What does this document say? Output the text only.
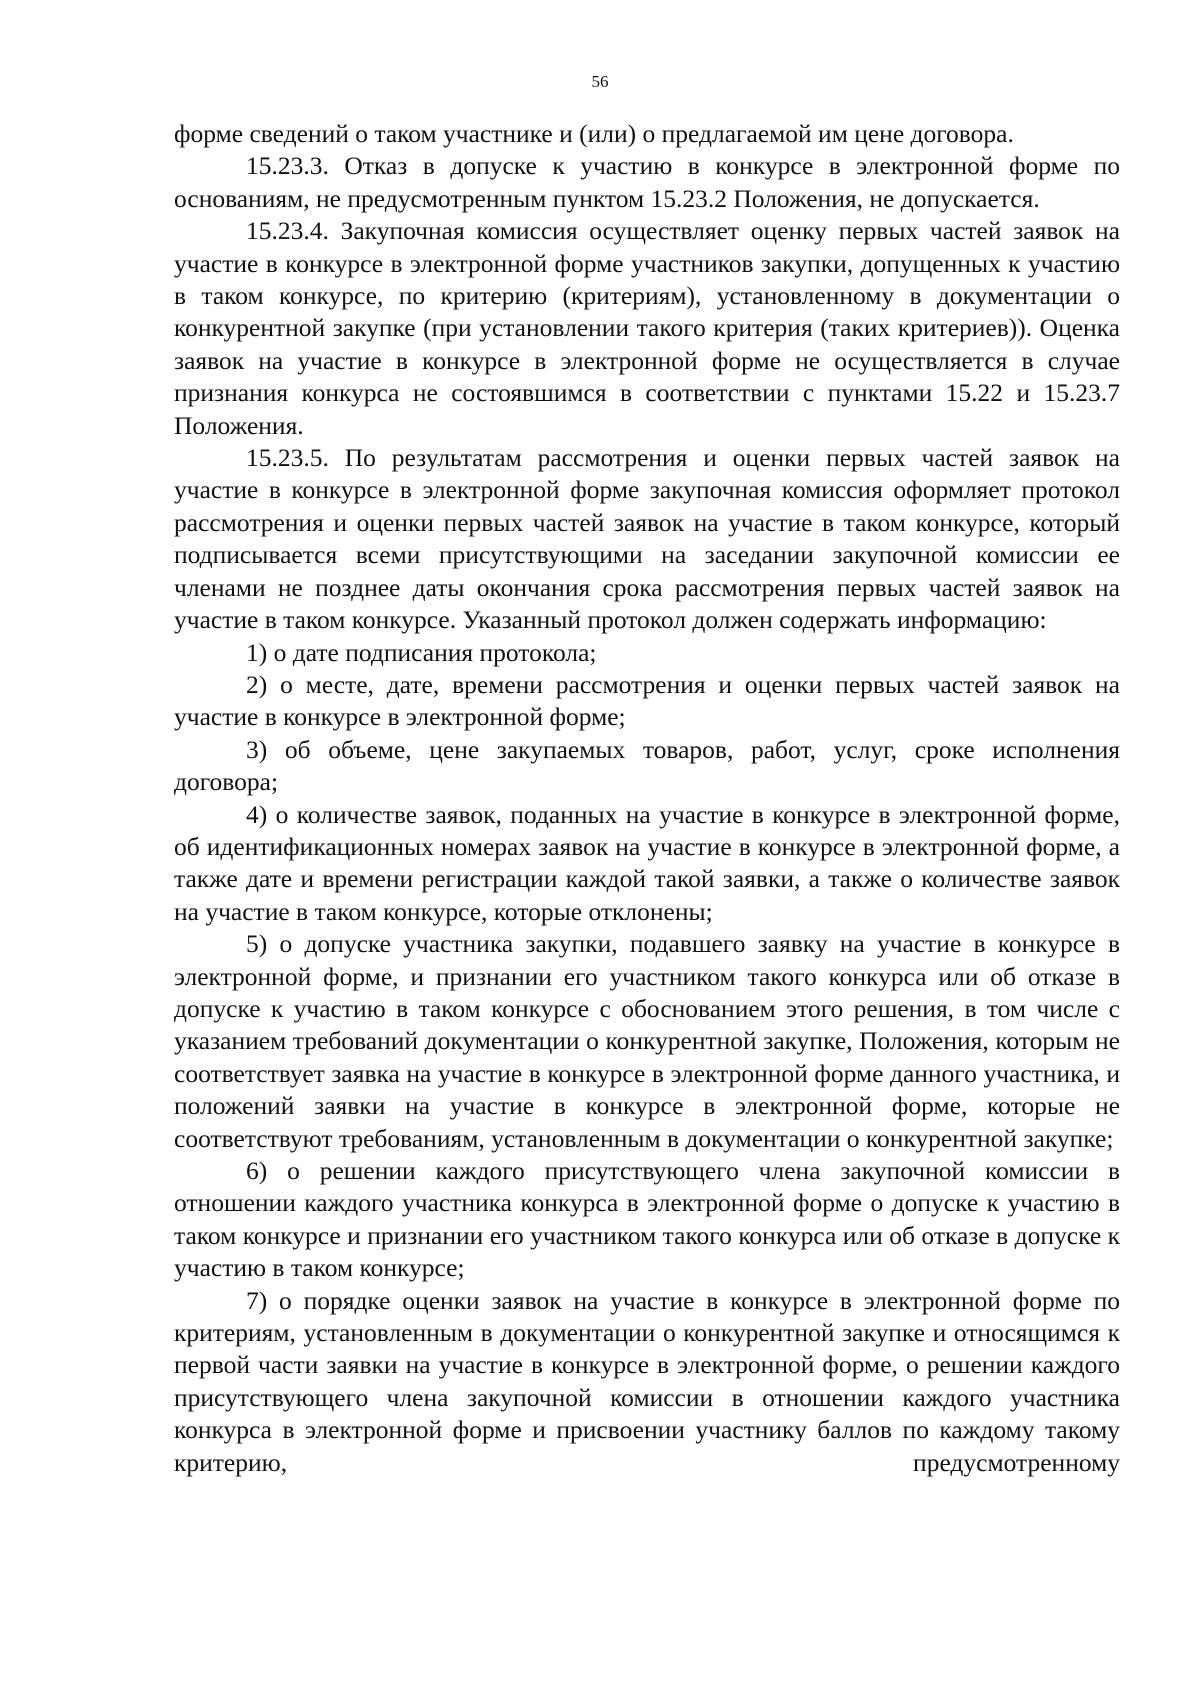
56

форме сведений о таком участнике и (или) о предлагаемой им цене договора.

15.23.3. Отказ в допуске к участию в конкурсе в электронной форме по основаниям, не предусмотренным пунктом 15.23.2 Положения, не допускается.

15.23.4. Закупочная комиссия осуществляет оценку первых частей заявок на участие в конкурсе в электронной форме участников закупки, допущенных к участию в таком конкурсе, по критерию (критериям), установленному в документации о конкурентной закупке (при установлении такого критерия (таких критериев)). Оценка заявок на участие в конкурсе в электронной форме не осуществляется в случае признания конкурса не состоявшимся в соответствии с пунктами 15.22 и 15.23.7 Положения.

15.23.5. По результатам рассмотрения и оценки первых частей заявок на участие в конкурсе в электронной форме закупочная комиссия оформляет протокол рассмотрения и оценки первых частей заявок на участие в таком конкурсе, который подписывается всеми присутствующими на заседании закупочной комиссии ее членами не позднее даты окончания срока рассмотрения первых частей заявок на участие в таком конкурсе. Указанный протокол должен содержать информацию:

1) о дате подписания протокола;

2) о месте, дате, времени рассмотрения и оценки первых частей заявок на участие в конкурсе в электронной форме;

3) об объеме, цене закупаемых товаров, работ, услуг, сроке исполнения договора;

4) о количестве заявок, поданных на участие в конкурсе в электронной форме, об идентификационных номерах заявок на участие в конкурсе в электронной форме, а также дате и времени регистрации каждой такой заявки, а также о количестве заявок на участие в таком конкурсе, которые отклонены;

5) о допуске участника закупки, подавшего заявку на участие в конкурсе в электронной форме, и признании его участником такого конкурса или об отказе в допуске к участию в таком конкурсе с обоснованием этого решения, в том числе с указанием требований документации о конкурентной закупке, Положения, которым не соответствует заявка на участие в конкурсе в электронной форме данного участника, и положений заявки на участие в конкурсе в электронной форме, которые не соответствуют требованиям, установленным в документации о конкурентной закупке;

6) о решении каждого присутствующего члена закупочной комиссии в отношении каждого участника конкурса в электронной форме о допуске к участию в таком конкурсе и признании его участником такого конкурса или об отказе в допуске к участию в таком конкурсе;

7) о порядке оценки заявок на участие в конкурсе в электронной форме по критериям, установленным в документации о конкурентной закупке и относящимся к первой части заявки на участие в конкурсе в электронной форме, о решении каждого присутствующего члена закупочной комиссии в отношении каждого участника конкурса в электронной форме и присвоении участнику баллов по каждому такому критерию, предусмотренному
